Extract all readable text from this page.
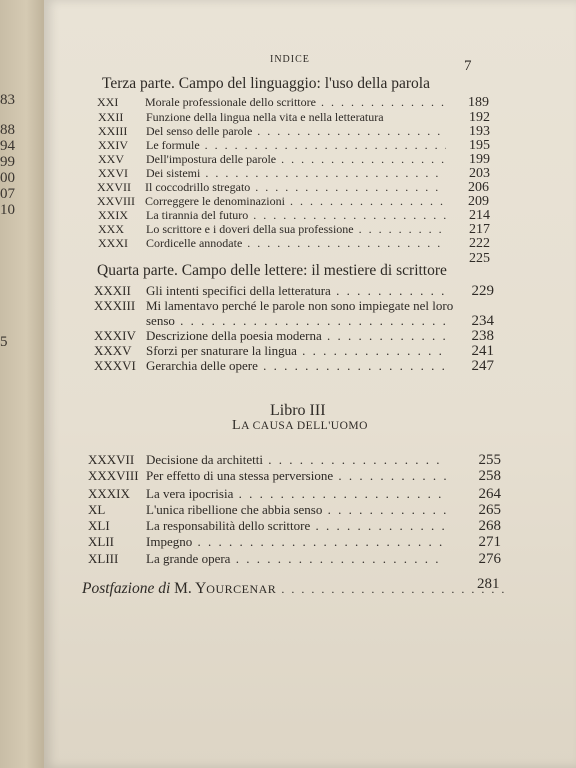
83
88
94
99
00
07
10
5
INDICE	7
Terza parte. Campo del linguaggio: l'uso della parola
XXI Morale professionale dello scrittore . . .	189
XXII Funzione della lingua nella vita e nella letteratura	192
XXIII Del senso delle parole . . .	193
XXIV Le formule . . .	195
XXV Dell'impostura delle parole . . .	199
XXVI Dei sistemi . . .	203
XXVII Il coccodrillo stregato . . .	206
XXVIII Correggere le denominazioni . . .	209
XXIX La tirannia del futuro . . .	214
XXX Lo scrittore e i doveri della sua professione . . .	217
XXXI Cordicelle annodate . . .	222
225
Quarta parte. Campo delle lettere: il mestiere di scrittore
XXXII Gli intenti specifici della letteratura . . .	229
XXXIII Mi lamentavo perché le parole non sono impiegate nel loro
senso . . .	234
XXXIV Descrizione della poesia moderna . . .	238
XXXV Sforzi per snaturare la lingua . . .	241
XXXVI Gerarchia delle opere . . .	247
Libro III
LA CAUSA DELL'UOMO
XXXVII Decisione da architetti . . .	255
XXXVIII Per effetto di una stessa perversione . . .	258
XXXIX La vera ipocrisia . . .	264
XL	L'unica ribellione che abbia senso . . .	265
XLI	La responsabilità dello scrittore . . .	268
XLII Impegno . . .	271
XLIII La grande opera . . .	276
Postfazione di M. YOURCENAR . . .	281
